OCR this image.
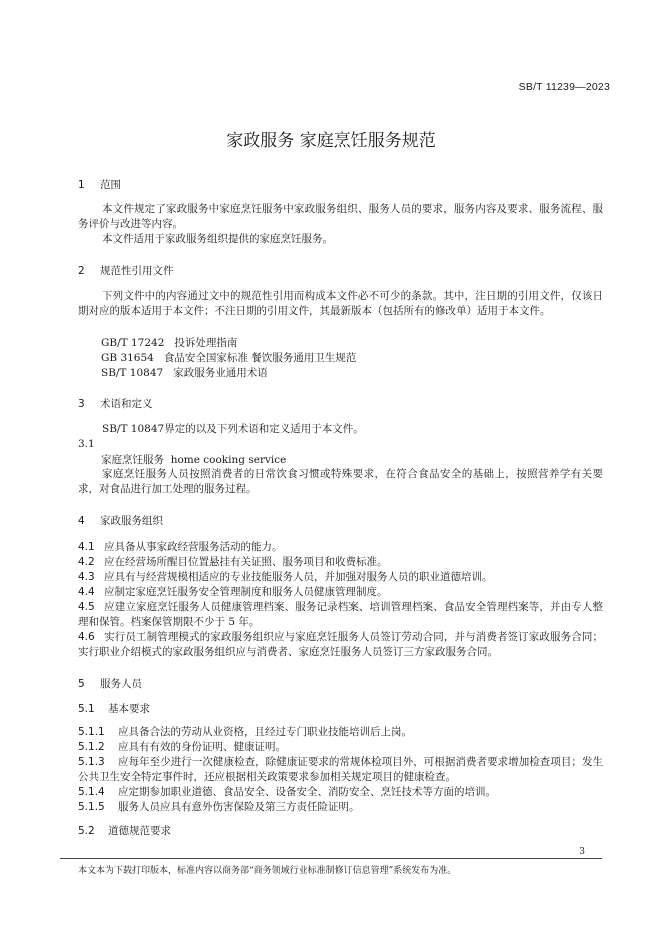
SB/T 11239—2023
家政服务 家庭烹饪服务规范
1 范围
本文件规定了家政服务中家庭烹饪服务中家政服务组织、服务人员的要求，服务内容及要求、服务流程、服务评价与改进等内容。
本文件适用于家政服务组织提供的家庭烹饪服务。
2 规范性引用文件
下列文件中的内容通过文中的规范性引用而构成本文件必不可少的条款。其中，注日期的引用文件，仅该日期对应的版本适用于本文件；不注日期的引用文件，其最新版本（包括所有的修改单）适用于本文件。
GB/T 17242 投诉处理指南
GB 31654 食品安全国家标准 餐饮服务通用卫生规范
SB/T 10847 家政服务业通用术语
3 术语和定义
SB/T 10847界定的以及下列术语和定义适用于本文件。
3.1
家庭烹饪服务 home cooking service
家庭烹饪服务人员按照消费者的日常饮食习惯或特殊要求，在符合食品安全的基础上，按照营养学有关要求，对食品进行加工处理的服务过程。
4 家政服务组织
4.1 应具备从事家政经营服务活动的能力。
4.2 应在经营场所醒目位置悬挂有关证照、服务项目和收费标准。
4.3 应具有与经营规模相适应的专业技能服务人员，并加强对服务人员的职业道德培训。
4.4 应制定家庭烹饪服务安全管理制度和服务人员健康管理制度。
4.5 应建立家庭烹饪服务人员健康管理档案、服务记录档案、培训管理档案、食品安全管理档案等，并由专人整理和保管。档案保管期限不少于 5 年。
4.6 实行员工制管理模式的家政服务组织应与家庭烹饪服务人员签订劳动合同，并与消费者签订家政服务合同；实行职业介绍模式的家政服务组织应与消费者、家庭烹饪服务人员签订三方家政服务合同。
5 服务人员
5.1 基本要求
5.1.1 应具备合法的劳动从业资格，且经过专门职业技能培训后上岗。
5.1.2 应具有有效的身份证明、健康证明。
5.1.3 应每年至少进行一次健康检查，除健康证要求的常规体检项目外，可根据消费者要求增加检查项目；发生公共卫生安全特定事件时，还应根据相关政策要求参加相关规定项目的健康检查。
5.1.4 应定期参加职业道德、食品安全、设备安全、消防安全、烹饪技术等方面的培训。
5.1.5 服务人员应具有意外伤害保险及第三方责任险证明。
5.2 道德规范要求
3
本文本为下载打印版本，标准内容以商务部“商务领域行业标准制修订信息管理”系统发布为准。
